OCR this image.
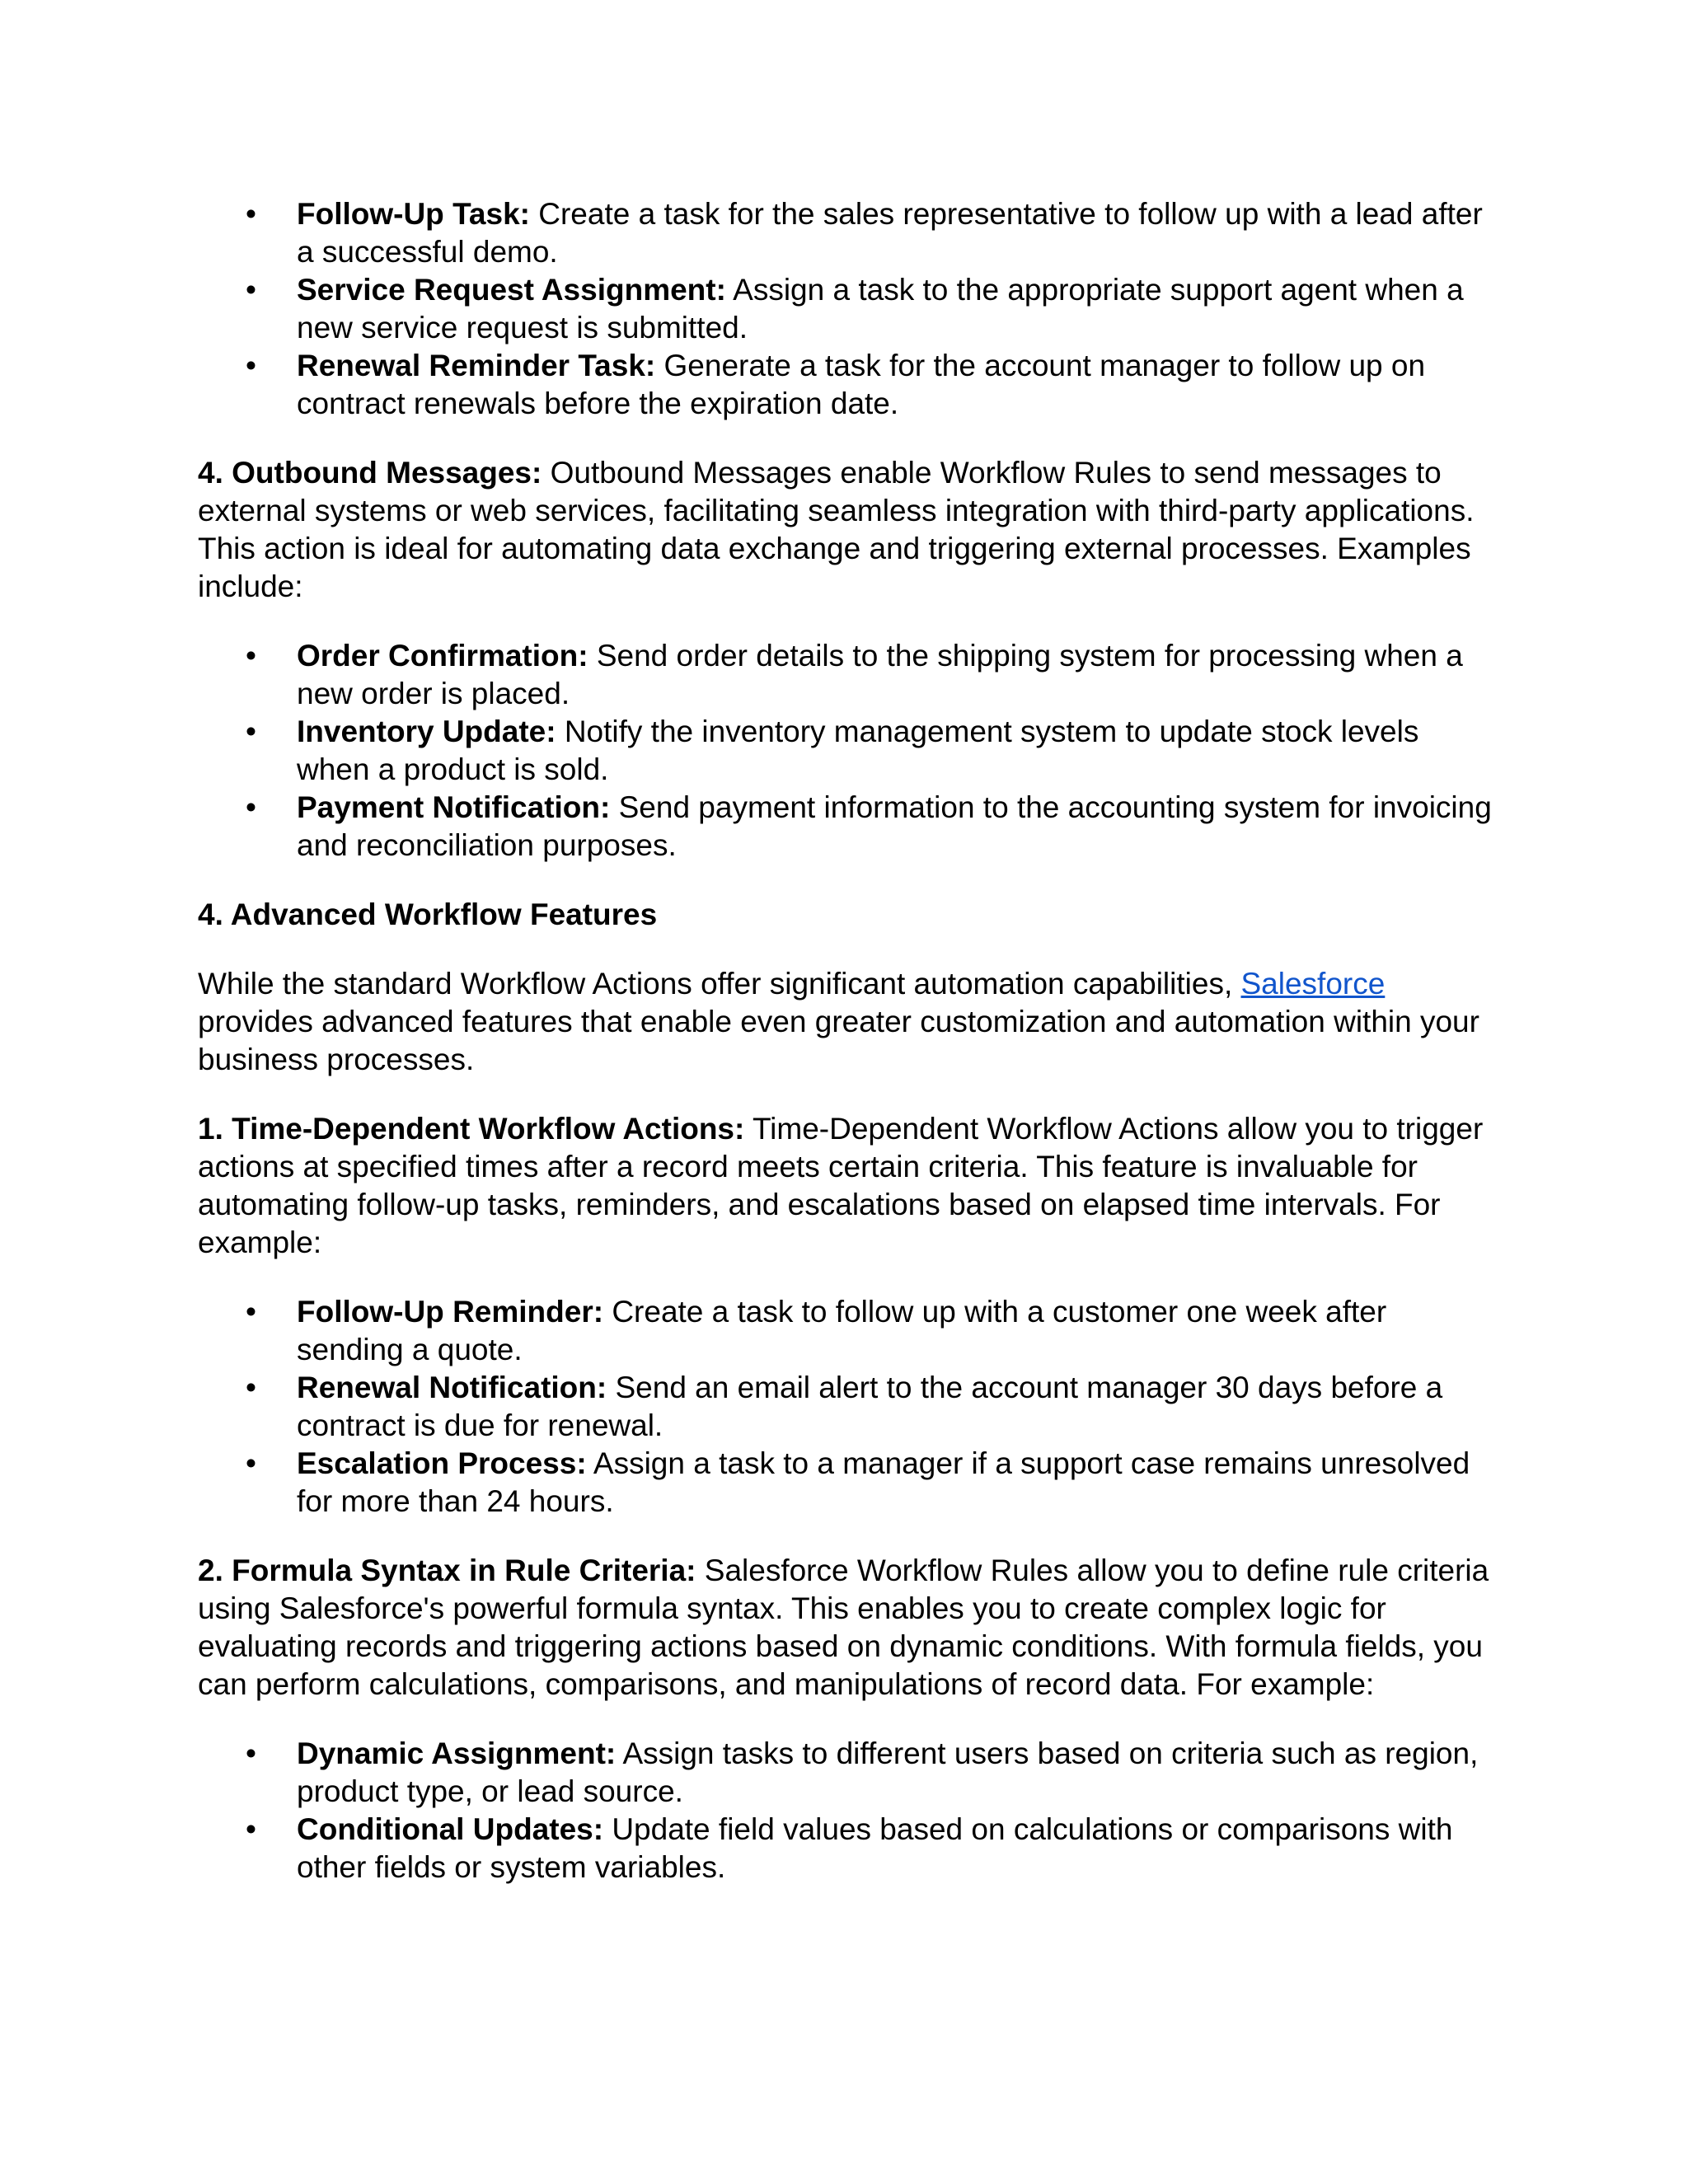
• Follow-Up Task: Create a task for the sales representative to follow up with a lead after a successful demo.
• Service Request Assignment: Assign a task to the appropriate support agent when a new service request is submitted.
• Renewal Reminder Task: Generate a task for the account manager to follow up on contract renewals before the expiration date.

4. Outbound Messages: Outbound Messages enable Workflow Rules to send messages to external systems or web services, facilitating seamless integration with third-party applications. This action is ideal for automating data exchange and triggering external processes. Examples include:

• Order Confirmation: Send order details to the shipping system for processing when a new order is placed.
• Inventory Update: Notify the inventory management system to update stock levels when a product is sold.
• Payment Notification: Send payment information to the accounting system for invoicing and reconciliation purposes.

4. Advanced Workflow Features

While the standard Workflow Actions offer significant automation capabilities, Salesforce provides advanced features that enable even greater customization and automation within your business processes.

1. Time-Dependent Workflow Actions: Time-Dependent Workflow Actions allow you to trigger actions at specified times after a record meets certain criteria. This feature is invaluable for automating follow-up tasks, reminders, and escalations based on elapsed time intervals. For example:

• Follow-Up Reminder: Create a task to follow up with a customer one week after sending a quote.
• Renewal Notification: Send an email alert to the account manager 30 days before a contract is due for renewal.
• Escalation Process: Assign a task to a manager if a support case remains unresolved for more than 24 hours.

2. Formula Syntax in Rule Criteria: Salesforce Workflow Rules allow you to define rule criteria using Salesforce's powerful formula syntax. This enables you to create complex logic for evaluating records and triggering actions based on dynamic conditions. With formula fields, you can perform calculations, comparisons, and manipulations of record data. For example:

• Dynamic Assignment: Assign tasks to different users based on criteria such as region, product type, or lead source.
• Conditional Updates: Update field values based on calculations or comparisons with other fields or system variables.
